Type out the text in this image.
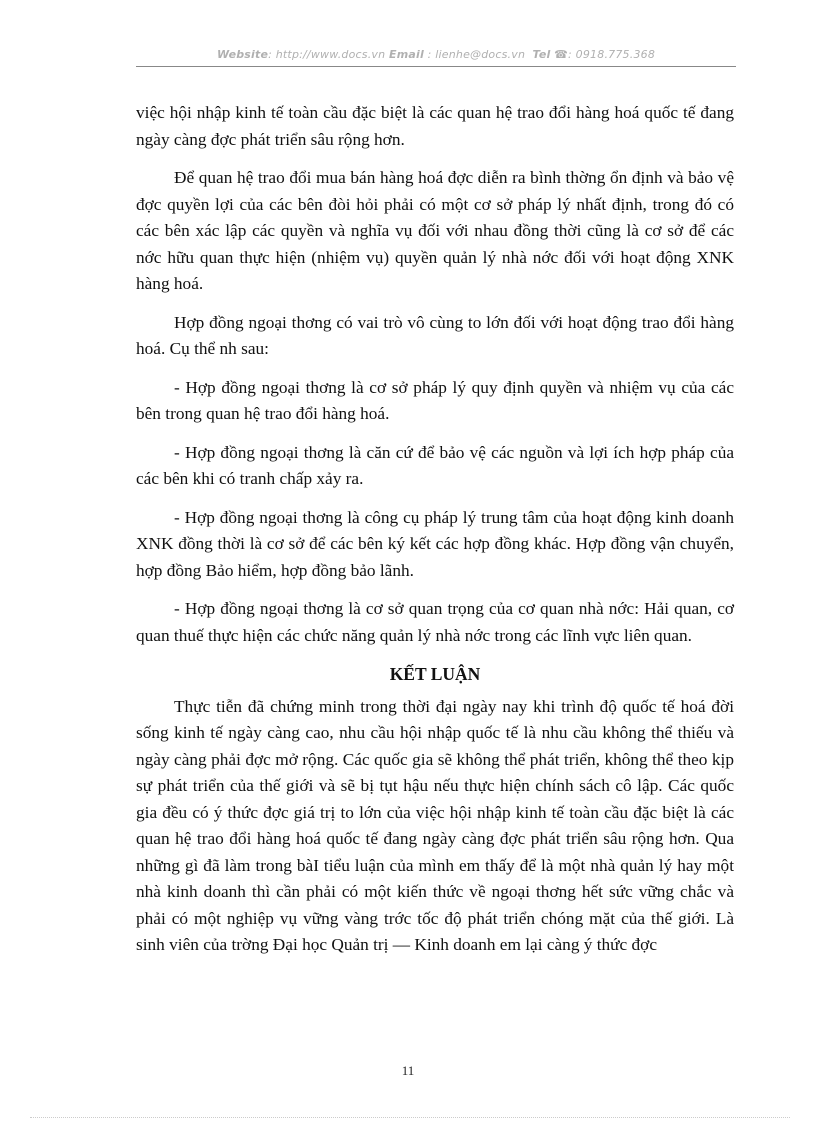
Website: http://www.docs.vn Email : lienhe@docs.vn Tel ☎: 0918.775.368

việc hội nhập kinh tế toàn cầu đặc biệt là các quan hệ trao đổi hàng hoá quốc tế đang ngày càng đợc phát triển sâu rộng hơn.

Để quan hệ trao đổi mua bán hàng hoá đợc diễn ra bình thờng ổn định và bảo vệ đợc quyền lợi của các bên đòi hỏi phải có một cơ sở pháp lý nhất định, trong đó có các bên xác lập các quyền và nghĩa vụ đối với nhau đồng thời cũng là cơ sở để các nớc hữu quan thực hiện (nhiệm vụ) quyền quản lý nhà nớc đối với hoạt động XNK hàng hoá.

Hợp đồng ngoại thơng có vai trò vô cùng to lớn đối với hoạt động trao đổi hàng hoá. Cụ thể nh sau:

- Hợp đồng ngoại thơng là cơ sở pháp lý quy định quyền và nhiệm vụ của các bên trong quan hệ trao đổi hàng hoá.

- Hợp đồng ngoại thơng là căn cứ để bảo vệ các nguồn và lợi ích hợp pháp của các bên khi có tranh chấp xảy ra.

- Hợp đồng ngoại thơng là công cụ pháp lý trung tâm của hoạt động kinh doanh XNK đồng thời là cơ sở để các bên ký kết các hợp đồng khác. Hợp đồng vận chuyển, hợp đồng Bảo hiểm, hợp đồng bảo lãnh.

- Hợp đồng ngoại thơng là cơ sở quan trọng của cơ quan nhà nớc: Hải quan, cơ quan thuế thực hiện các chức năng quản lý nhà nớc trong các lĩnh vực liên quan.

KẾT LUẬN

Thực tiễn đã chứng minh trong thời đại ngày nay khi trình độ quốc tế hoá đời sống kinh tế ngày càng cao, nhu cầu hội nhập quốc tế là nhu cầu không thể thiếu và ngày càng phải đợc mở rộng. Các quốc gia sẽ không thể phát triển, không thể theo kịp sự phát triển của thế giới và sẽ bị tụt hậu nếu thực hiện chính sách cô lập. Các quốc gia đều có ý thức đợc giá trị to lớn của việc hội nhập kinh tế toàn cầu đặc biệt là các quan hệ trao đổi hàng hoá quốc tế đang ngày càng đợc phát triển sâu rộng hơn. Qua những gì đã làm trong bàI tiểu luận của mình em thấy để là một nhà quản lý hay một nhà kinh doanh thì cần phải có một kiến thức về ngoại thơng hết sức vững chắc và phải có một nghiệp vụ vững vàng trớc tốc độ phát triển chóng mặt của thế giới. Là sinh viên của trờng Đại học Quản trị — Kinh doanh em lại càng ý thức đợc

11
